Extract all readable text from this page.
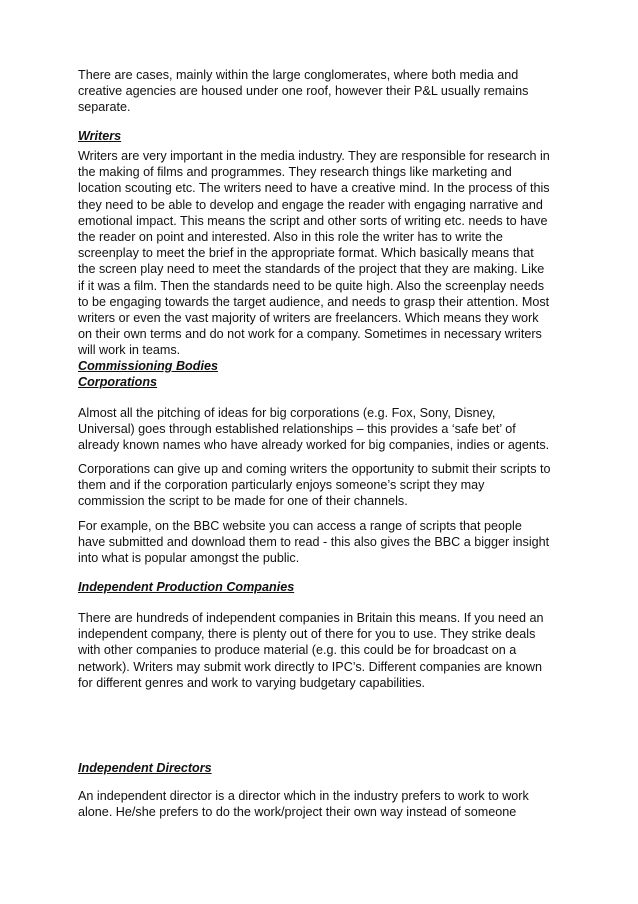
There are cases, mainly within the large conglomerates, where both media and
creative agencies are housed under one roof, however their P&L usually remains
separate.

Writers

Writers are very important in the media industry. They are responsible for research in
the making of films and programmes. They research things like marketing and
location scouting etc. The writers need to have a creative mind. In the process of this
they need to be able to develop and engage the reader with engaging narrative and
emotional impact. This means the script and other sorts of writing etc. needs to have
the reader on point and interested. Also in this role the writer has to write the
screenplay to meet the brief in the appropriate format. Which basically means that
the screen play need to meet the standards of the project that they are making. Like
if it was a film. Then the standards need to be quite high. Also the screenplay needs
to be engaging towards the target audience, and needs to grasp their attention. Most
writers or even the vast majority of writers are freelancers. Which means they work
on their own terms and do not work for a company. Sometimes in necessary writers
will work in teams.

Commissioning Bodies

Corporations

Almost all the pitching of ideas for big corporations (e.g. Fox, Sony, Disney,
Universal) goes through established relationships – this provides a ‘safe bet’ of
already known names who have already worked for big companies, indies or agents.

Corporations can give up and coming writers the opportunity to submit their scripts to
them and if the corporation particularly enjoys someone’s script they may
commission the script to be made for one of their channels.

For example, on the BBC website you can access a range of scripts that people
have submitted and download them to read - this also gives the BBC a bigger insight
into what is popular amongst the public.

Independent Production Companies

There are hundreds of independent companies in Britain this means. If you need an
independent company, there is plenty out of there for you to use. They strike deals
with other companies to produce material (e.g. this could be for broadcast on a
network). Writers may submit work directly to IPC’s. Different companies are known
for different genres and work to varying budgetary capabilities.

Independent Directors

An independent director is a director which in the industry prefers to work to work
alone. He/she prefers to do the work/project their own way instead of someone
